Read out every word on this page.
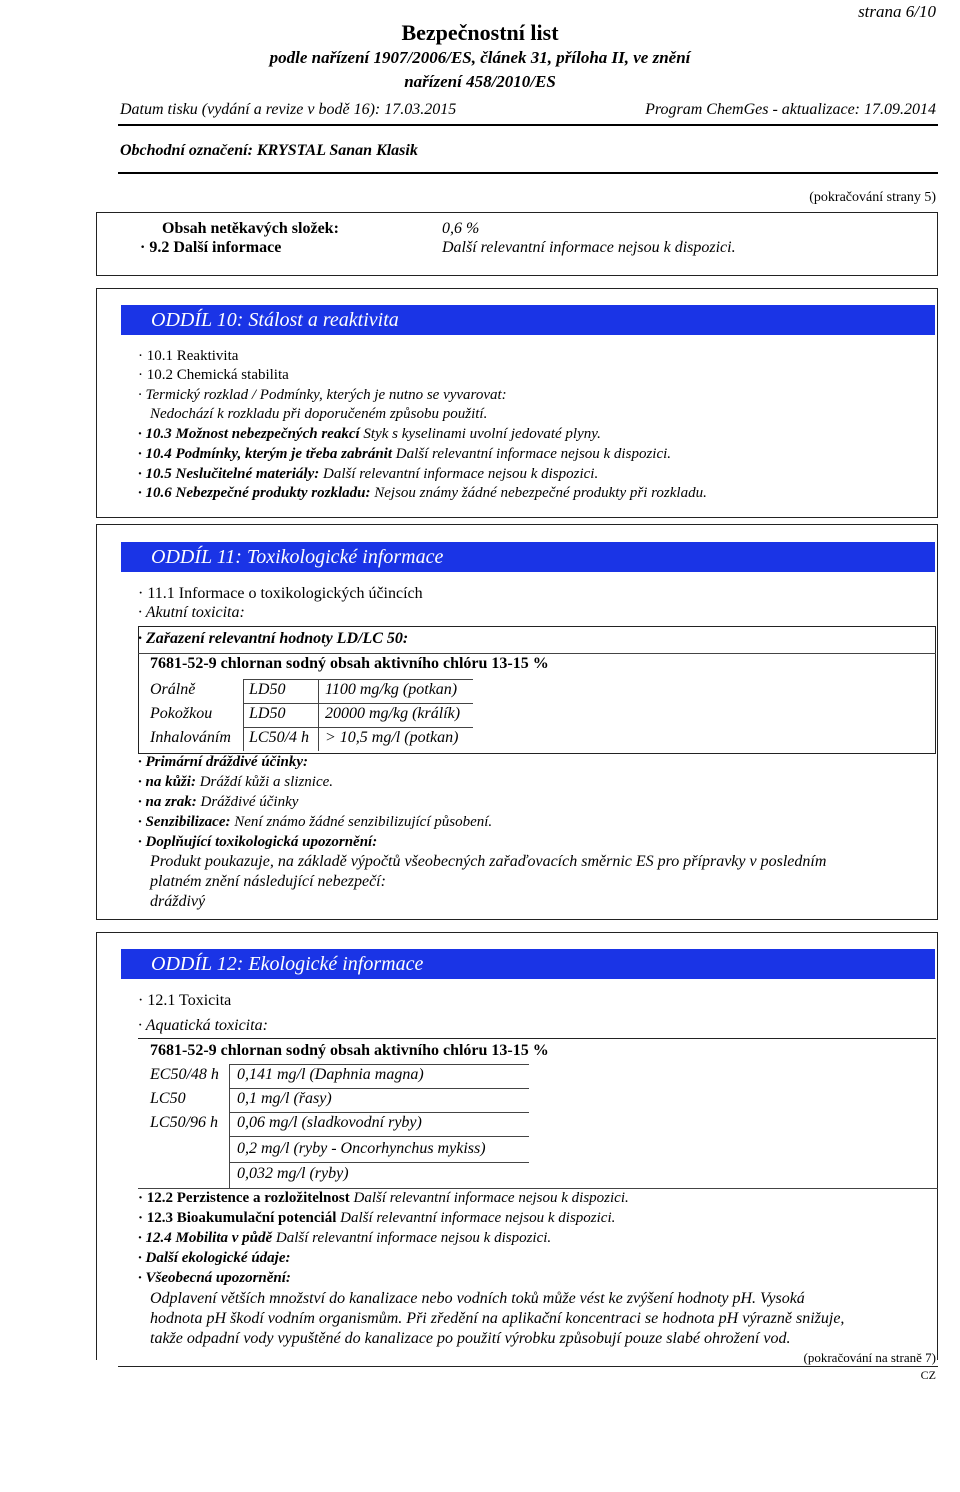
strana 6/10
Bezpečnostní list
podle nařízení 1907/2006/ES, článek 31, příloha II, ve znění
nařízení 458/2010/ES
Datum tisku (vydání a revize v bodě 16): 17.03.2015	Program ChemGes - aktualizace: 17.09.2014
Obchodní označení: KRYSTAL Sanan Klasik
(pokračování strany 5)
Obsah netěkavých složek:	0,6 %
· 9.2 Další informace	Další relevantní informace nejsou k dispozici.
ODDÍL 10: Stálost a reaktivita
· 10.1 Reaktivita
· 10.2 Chemická stabilita
· Termický rozklad / Podmínky, kterých je nutno se vyvarovat:
Nedochází k rozkladu při doporučeném způsobu použití.
· 10.3 Možnost nebezpečných reakcí Styk s kyselinami uvolní jedovaté plyny.
· 10.4 Podmínky, kterým je třeba zabránit Další relevantní informace nejsou k dispozici.
· 10.5 Neslučitelné materiály: Další relevantní informace nejsou k dispozici.
· 10.6 Nebezpečné produkty rozkladu: Nejsou známy žádné nebezpečné produkty při rozkladu.
ODDÍL 11: Toxikologické informace
· 11.1 Informace o toxikologických účincích
· Akutní toxicita:
· Zařazení relevantní hodnoty LD/LC 50:
7681-52-9 chlornan sodný obsah aktivního chlóru 13-15 %
Orálně	LD50 1100 mg/kg (potkan)
Pokožkou LD50 20000 mg/kg (králík)
Inhalováním LC50/4 h > 10,5 mg/l (potkan)
· Primární dráždivé účinky:
· na kůži: Dráždí kůži a sliznice.
· na zrak: Dráždivé účinky
· Senzibilizace: Není známo žádné senzibilizující působení.
· Doplňující toxikologická upozornění:
Produkt poukazuje, na základě výpočtů všeobecných zařaďovacích směrnic ES pro přípravky v posledním
platném znění následující nebezpečí:
dráždivý
ODDÍL 12: Ekologické informace
· 12.1 Toxicita
· Aquatická toxicita:
7681-52-9 chlornan sodný obsah aktivního chlóru 13-15 %
EC50/48 h 0,141 mg/l (Daphnia magna)
LC50	0,1 mg/l (řasy)
LC50/96 h 0,06 mg/l (sladkovodní ryby)
0,2 mg/l (ryby - Oncorhynchus mykiss)
0,032 mg/l (ryby)
· 12.2 Perzistence a rozložitelnost Další relevantní informace nejsou k dispozici.
· 12.3 Bioakumulační potenciál Další relevantní informace nejsou k dispozici.
· 12.4 Mobilita v půdě Další relevantní informace nejsou k dispozici.
· Další ekologické údaje:
· Všeobecná upozornění:
Odplavení větších množství do kanalizace nebo vodních toků může vést ke zvýšení hodnoty pH. Vysoká
hodnota pH škodí vodním organismům. Při zředění na aplikační koncentraci se hodnota pH výrazně snižuje,
takže odpadní vody vypuštěné do kanalizace po použití výrobku způsobují pouze slabé ohrožení vod.
(pokračování na straně 7)
CZ
